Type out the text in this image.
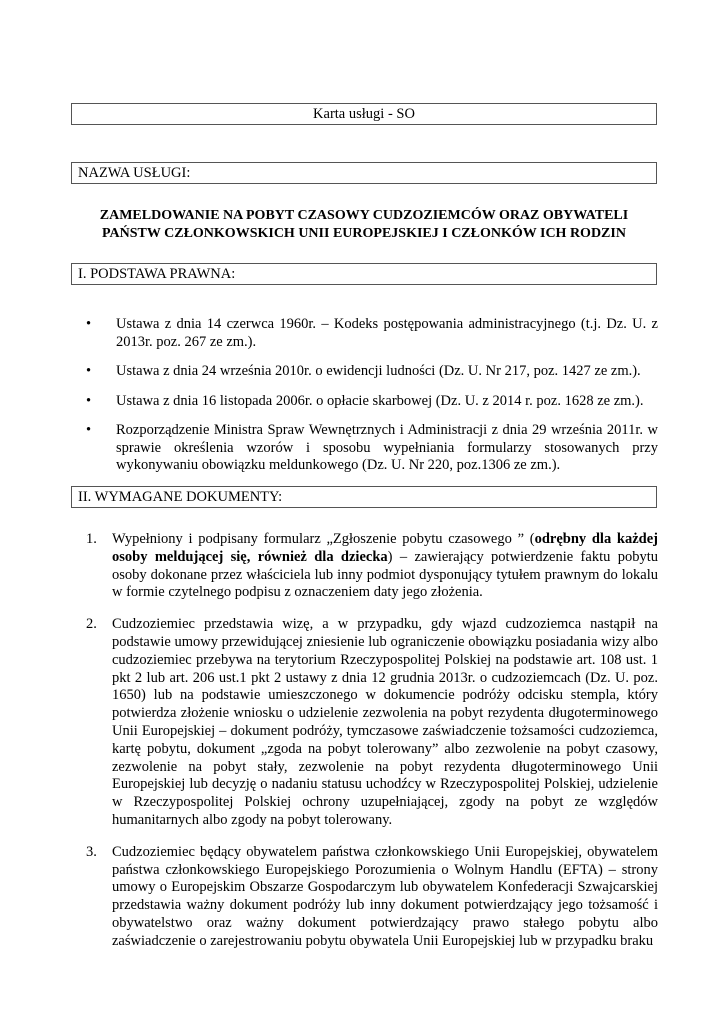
Karta usługi - SO
NAZWA USŁUGI:
ZAMELDOWANIE NA POBYT CZASOWY CUDZOZIEMCÓW ORAZ OBYWATELI
PAŃSTW CZŁONKOWSKICH UNII EUROPEJSKIEJ I CZŁONKÓW ICH RODZIN
I. PODSTAWA PRAWNA:
• Ustawa z dnia 14 czerwca 1960r. – Kodeks postępowania administracyjnego (t.j. Dz. U. z 2013r. poz. 267 ze zm.).
• Ustawa z dnia 24 września 2010r. o ewidencji ludności (Dz. U. Nr 217, poz. 1427 ze zm.).
• Ustawa z dnia 16 listopada 2006r. o opłacie skarbowej (Dz. U. z 2014 r. poz. 1628 ze zm.).
• Rozporządzenie Ministra Spraw Wewnętrznych i Administracji z dnia 29 września 2011r. w sprawie określenia wzorów i sposobu wypełniania formularzy stosowanych przy wykonywaniu obowiązku meldunkowego (Dz. U. Nr 220, poz.1306 ze zm.).
II. WYMAGANE DOKUMENTY:
1. Wypełniony i podpisany formularz „Zgłoszenie pobytu czasowego ” (odrębny dla każdej osoby meldującej się, również dla dziecka) – zawierający potwierdzenie faktu pobytu osoby dokonane przez właściciela lub inny podmiot dysponujący tytułem prawnym do lokalu w formie czytelnego podpisu z oznaczeniem daty jego złożenia.
2. Cudzoziemiec przedstawia wizę, a w przypadku, gdy wjazd cudzoziemca nastąpił na podstawie umowy przewidującej zniesienie lub ograniczenie obowiązku posiadania wizy albo cudzoziemiec przebywa na terytorium Rzeczypospolitej Polskiej na podstawie art. 108 ust. 1 pkt 2 lub art. 206 ust.1 pkt 2 ustawy z dnia 12 grudnia 2013r. o cudzoziemcach (Dz. U. poz. 1650) lub na podstawie umieszczonego w dokumencie podróży odcisku stempla, który potwierdza złożenie wniosku o udzielenie zezwolenia na pobyt rezydenta długoterminowego Unii Europejskiej – dokument podróży, tymczasowe zaświadczenie tożsamości cudzoziemca, kartę pobytu, dokument „zgoda na pobyt tolerowany” albo zezwolenie na pobyt czasowy, zezwolenie na pobyt stały, zezwolenie na pobyt rezydenta długoterminowego Unii Europejskiej lub decyzję o nadaniu statusu uchodźcy w Rzeczypospolitej Polskiej, udzielenie w Rzeczypospolitej Polskiej ochrony uzupełniającej, zgody na pobyt ze względów humanitarnych albo zgody na pobyt tolerowany.
3. Cudzoziemiec będący obywatelem państwa członkowskiego Unii Europejskiej, obywatelem państwa członkowskiego Europejskiego Porozumienia o Wolnym Handlu (EFTA) – strony umowy o Europejskim Obszarze Gospodarczym lub obywatelem Konfederacji Szwajcarskiej przedstawia ważny dokument podróży lub inny dokument potwierdzający jego tożsamość i obywatelstwo oraz ważny dokument potwierdzający prawo stałego pobytu albo zaświadczenie o zarejestrowaniu pobytu obywatela Unii Europejskiej lub w przypadku braku
